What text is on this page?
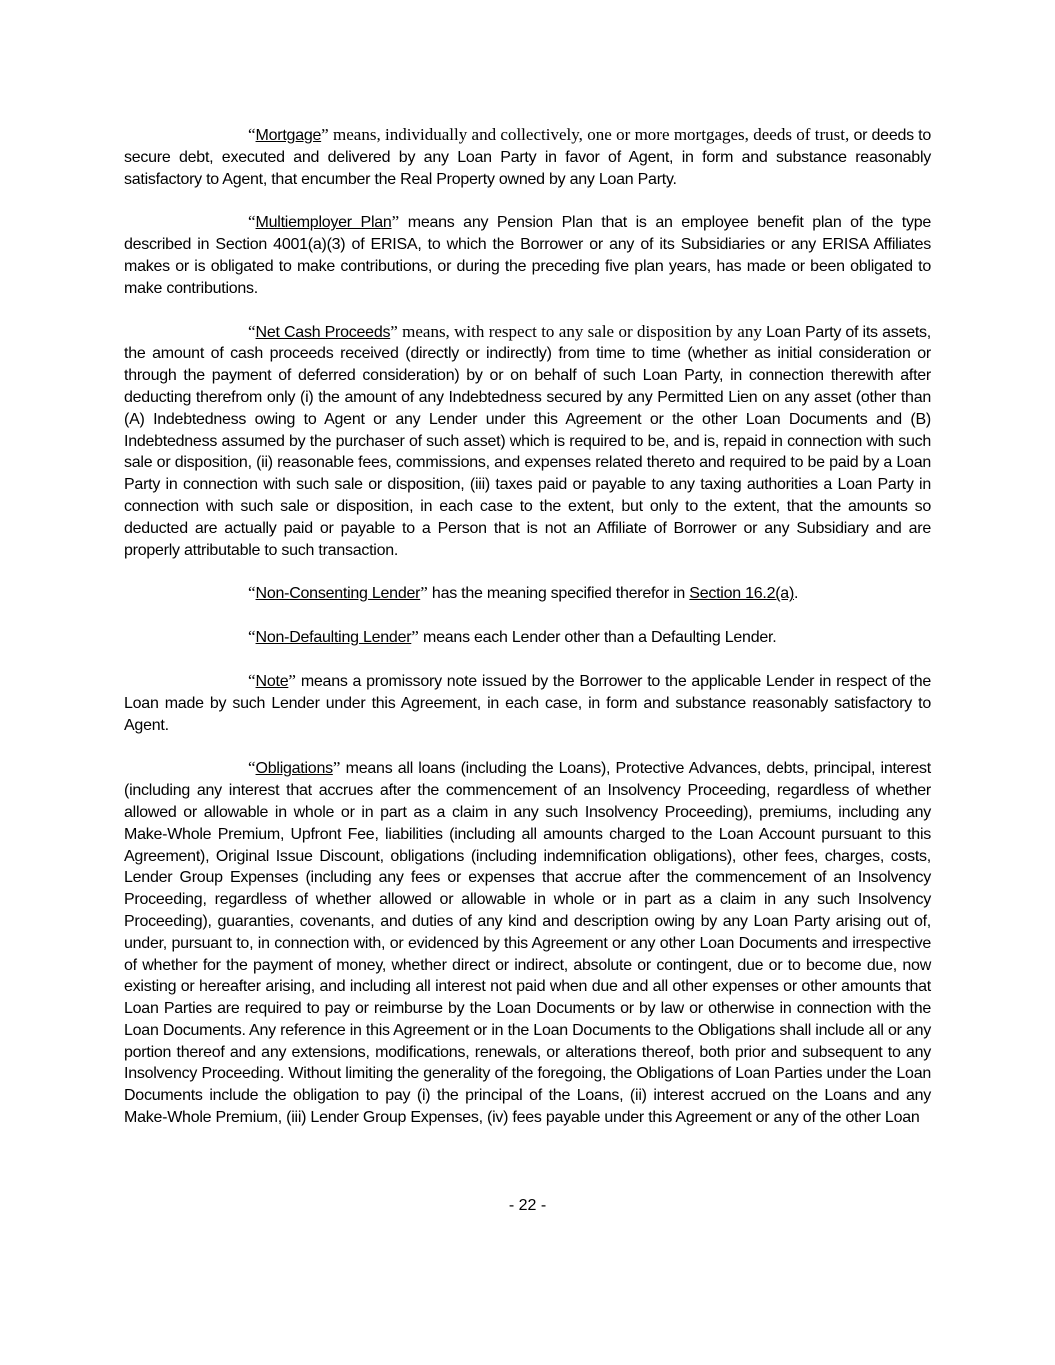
“Mortgage” means, individually and collectively, one or more mortgages, deeds of trust, or deeds to secure debt, executed and delivered by any Loan Party in favor of Agent, in form and substance reasonably satisfactory to Agent, that encumber the Real Property owned by any Loan Party.

“Multiemployer Plan” means any Pension Plan that is an employee benefit plan of the type described in Section 4001(a)(3) of ERISA, to which the Borrower or any of its Subsidiaries or any ERISA Affiliates makes or is obligated to make contributions, or during the preceding five plan years, has made or been obligated to make contributions.

“Net Cash Proceeds” means, with respect to any sale or disposition by any Loan Party of its assets, the amount of cash proceeds received (directly or indirectly) from time to time (whether as initial consideration or through the payment of deferred consideration) by or on behalf of such Loan Party, in connection therewith after deducting therefrom only (i) the amount of any Indebtedness secured by any Permitted Lien on any asset (other than (A) Indebtedness owing to Agent or any Lender under this Agreement or the other Loan Documents and (B) Indebtedness assumed by the purchaser of such asset) which is required to be, and is, repaid in connection with such sale or disposition, (ii) reasonable fees, commissions, and expenses related thereto and required to be paid by a Loan Party in connection with such sale or disposition, (iii) taxes paid or payable to any taxing authorities a Loan Party in connection with such sale or disposition, in each case to the extent, but only to the extent, that the amounts so deducted are actually paid or payable to a Person that is not an Affiliate of Borrower or any Subsidiary and are properly attributable to such transaction.

“Non-Consenting Lender” has the meaning specified therefor in Section 16.2(a).

“Non-Defaulting Lender” means each Lender other than a Defaulting Lender.

“Note” means a promissory note issued by the Borrower to the applicable Lender in respect of the Loan made by such Lender under this Agreement, in each case, in form and substance reasonably satisfactory to Agent.

“Obligations” means all loans (including the Loans), Protective Advances, debts, principal, interest (including any interest that accrues after the commencement of an Insolvency Proceeding, regardless of whether allowed or allowable in whole or in part as a claim in any such Insolvency Proceeding), premiums, including any Make-Whole Premium, Upfront Fee, liabilities (including all amounts charged to the Loan Account pursuant to this Agreement), Original Issue Discount, obligations (including indemnification obligations), other fees, charges, costs, Lender Group Expenses (including any fees or expenses that accrue after the commencement of an Insolvency Proceeding, regardless of whether allowed or allowable in whole or in part as a claim in any such Insolvency Proceeding), guaranties, covenants, and duties of any kind and description owing by any Loan Party arising out of, under, pursuant to, in connection with, or evidenced by this Agreement or any other Loan Documents and irrespective of whether for the payment of money, whether direct or indirect, absolute or contingent, due or to become due, now existing or hereafter arising, and including all interest not paid when due and all other expenses or other amounts that Loan Parties are required to pay or reimburse by the Loan Documents or by law or otherwise in connection with the Loan Documents. Any reference in this Agreement or in the Loan Documents to the Obligations shall include all or any portion thereof and any extensions, modifications, renewals, or alterations thereof, both prior and subsequent to any Insolvency Proceeding. Without limiting the generality of the foregoing, the Obligations of Loan Parties under the Loan Documents include the obligation to pay (i) the principal of the Loans, (ii) interest accrued on the Loans and any Make-Whole Premium, (iii) Lender Group Expenses, (iv) fees payable under this Agreement or any of the other Loan

- 22 -
